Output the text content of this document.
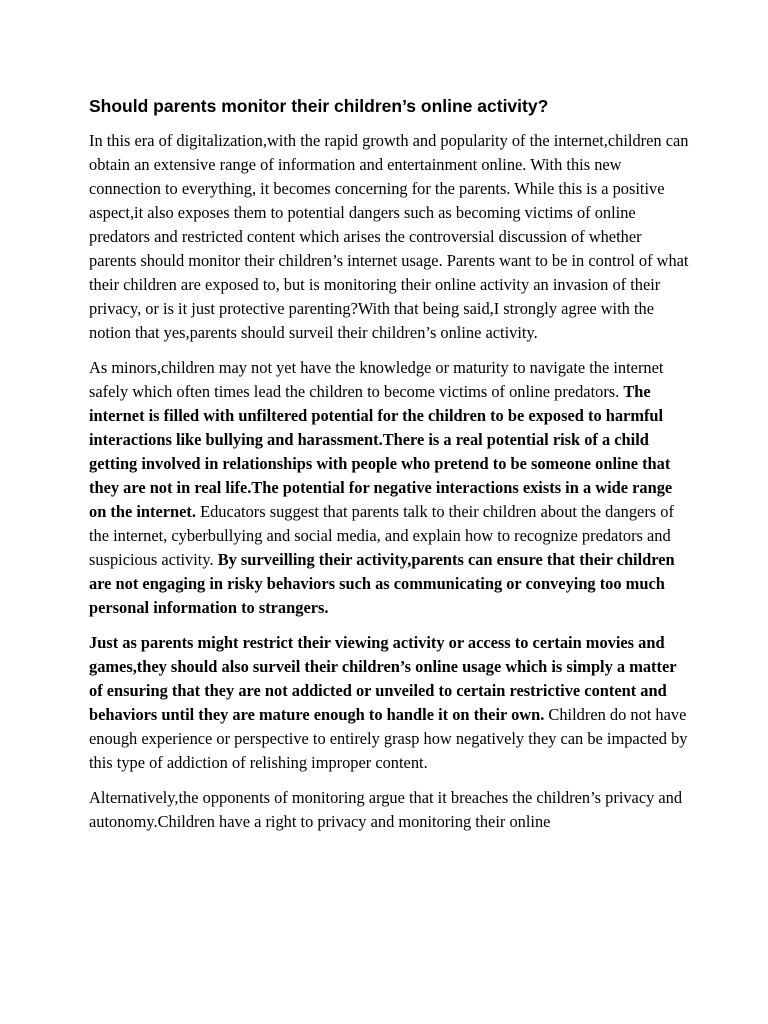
Should parents monitor their children’s online activity?

In this era of digitalization,with the rapid growth and popularity of the internet,children can obtain an extensive range of information and entertainment online. With this new connection to everything, it becomes concerning for the parents. While this is a positive aspect,it also exposes them to potential dangers such as becoming victims of online predators and restricted content which arises the controversial discussion of whether parents should monitor their children’s internet usage. Parents want to be in control of what their children are exposed to, but is monitoring their online activity an invasion of their privacy, or is it just protective parenting?With that being said,I strongly agree with the notion that yes,parents should surveil their children’s online activity.

As minors,children may not yet have the knowledge or maturity to navigate the internet safely which often times lead the children to become victims of online predators. The internet is filled with unfiltered potential for the children to be exposed to harmful interactions like bullying and harassment.There is a real potential risk of a child getting involved in relationships with people who pretend to be someone online that they are not in real life.The potential for negative interactions exists in a wide range on the internet. Educators suggest that parents talk to their children about the dangers of the internet, cyberbullying and social media, and explain how to recognize predators and suspicious activity. By surveilling their activity,parents can ensure that their children are not engaging in risky behaviors such as communicating or conveying too much personal information to strangers.

Just as parents might restrict their viewing activity or access to certain movies and games,they should also surveil their children’s online usage which is simply a matter of ensuring that they are not addicted or unveiled to certain restrictive content and behaviors until they are mature enough to handle it on their own. Children do not have enough experience or perspective to entirely grasp how negatively they can be impacted by this type of addiction of relishing improper content.

Alternatively,the opponents of monitoring argue that it breaches the children’s privacy and autonomy.Children have a right to privacy and monitoring their online
